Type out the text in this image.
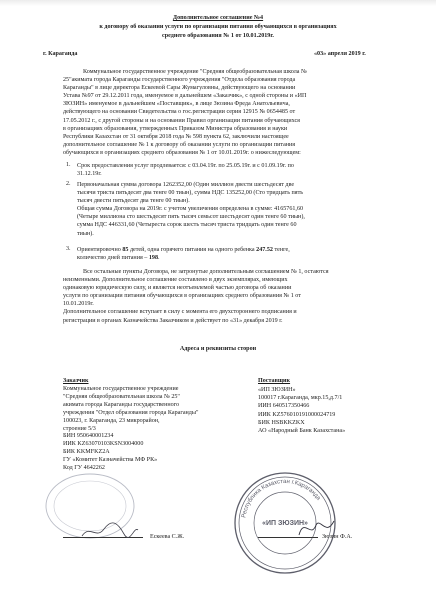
Дополнительное соглашение №4
к договору об оказании услуги по организации питания обучающихся в организациях
среднего образования № 1 от 10.01.2019г.
г. Караганда	«03» апреля 2019 г.
Коммунальное государственное учреждение "Средняя общеобразовательная школа №
25"акимата города Караганды государственного учреждения "Отдела образования города
Караганды" в лице директора Ескеевой Сары Жумагуловны, действующего на основании
Устава №97 от 29.12.2011 года, именуемое в дальнейшем «Заказчик», с одной стороны и «ИП
ЗЮЗИН» именуемое в дальнейшем «Поставщик», в лице Зюзина Фреда Анатольевича,
действующего на основании Свидетельства о гос.регистрации серия 12915 № 0654485 от
17.05.2012 г., с другой стороны и на основании Правил организации питания обучающихся
в организациях образования, утвержденных Приказом Министра образования и науки
Республики Казахстан от 31 октября 2018 года № 598 пункта 62, заключили настоящее
дополнительное соглашение № 1 к договору об оказании услуги по организации питания
обучающихся в организациях среднего образования № 1 от 10.01.2019г. о нижеследующем:
1. Срок предоставления услуг продлевается: с 03.04.19г. по 25.05.19г. и с 01.09.19г. по
31.12.19г.
2. Первоначальная сумма договора 1262352,00 (Один миллион двести шестьдесят две
тысячи триста пятьдесят два тенге 00 тиын), сумма НДС 135252,00 (Сто тридцать пять
тысяч двести пятьдесят два тенге 00 тиын).
Общая сумма Договора на 2019г. с учетом увеличения определена в сумме: 4165761,60
(Четыре миллиона сто шестьдесят пять тысяч семьсот шестьдесят один тенге 60 тиын),
сумма НДС 446331,60 (Четыреста сорок шесть тысяч триста тридцать один тенге 60
тиын).
3. Ориентировочно 85 детей, одна горячего питания на одного ребенка 247.52 тенге,
количество дней питания – 198.
Все остальные пункты Договора, не затронутые дополнительным соглашением № 1, остаются
неизменными. Дополнительное соглашение составлено в двух экземплярах, имеющих
одинаковую юридическую силу, и является неотъемлемой частью договора об оказании
услуги по организации питания обучающихся в организациях среднего образования № 1 от
10.01.2019г.
Дополнительное соглашение вступает в силу с момента его двухстороннего подписания и
регистрации в органах Казначейства Заказчиком и действует по «31» декабря 2019 г.
Адреса и реквизиты сторон
Заказчик
Коммунальное государственное учреждение
"Средняя общеобразовательная школа № 25"
акимата города Караганды государственного
учреждения "Отдел образования города Караганды"
100023, г. Караганда, 23 микрорайон,
строение 5/3
БИН 950640001234
ИИК KZ63070103KSN3004000
БИК KKMFKZ2A
ГУ «Комитет Казначейства МФ РК»
Код ГУ 4642262
Поставщик
«ИП ЗЮЗИН»
100017 г.Караганда, мкр.15,д.7/1
ИИН 640517350466
ИИК KZ576010191000024719
БИК HSBKKZKX
АО «Народный Банк Казахстана»
Ескеева С.Ж.
Республика Казахстан г.Караганда
«ИП ЗЮЗИН»
Зюзин Ф.А.
